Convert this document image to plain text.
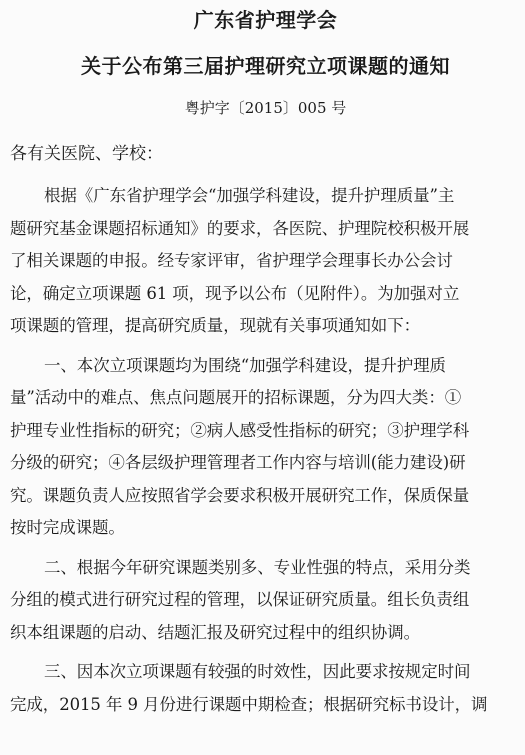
广东省护理学会
关于公布第三届护理研究立项课题的通知
粤护字〔2015〕005 号
各有关医院、学校：

根据《广东省护理学会“加强学科建设，提升护理质量”主
题研究基金课题招标通知》的要求，各医院、护理院校积极开展
了相关课题的申报。经专家评审，省护理学会理事长办公会讨
论，确定立项课题 61 项，现予以公布（见附件）。为加强对立
项课题的管理，提高研究质量，现就有关事项通知如下：

一、本次立项课题均为围绕“加强学科建设，提升护理质
量”活动中的难点、焦点问题展开的招标课题，分为四大类：①
护理专业性指标的研究；②病人感受性指标的研究；③护理学科
分级的研究；④各层级护理管理者工作内容与培训(能力建设)研
究。课题负责人应按照省学会要求积极开展研究工作，保质保量
按时完成课题。

二、根据今年研究课题类别多、专业性强的特点，采用分类
分组的模式进行研究过程的管理，以保证研究质量。组长负责组
织本组课题的启动、结题汇报及研究过程中的组织协调。

三、因本次立项课题有较强的时效性，因此要求按规定时间
完成，2015 年 9 月份进行课题中期检查；根据研究标书设计，调
